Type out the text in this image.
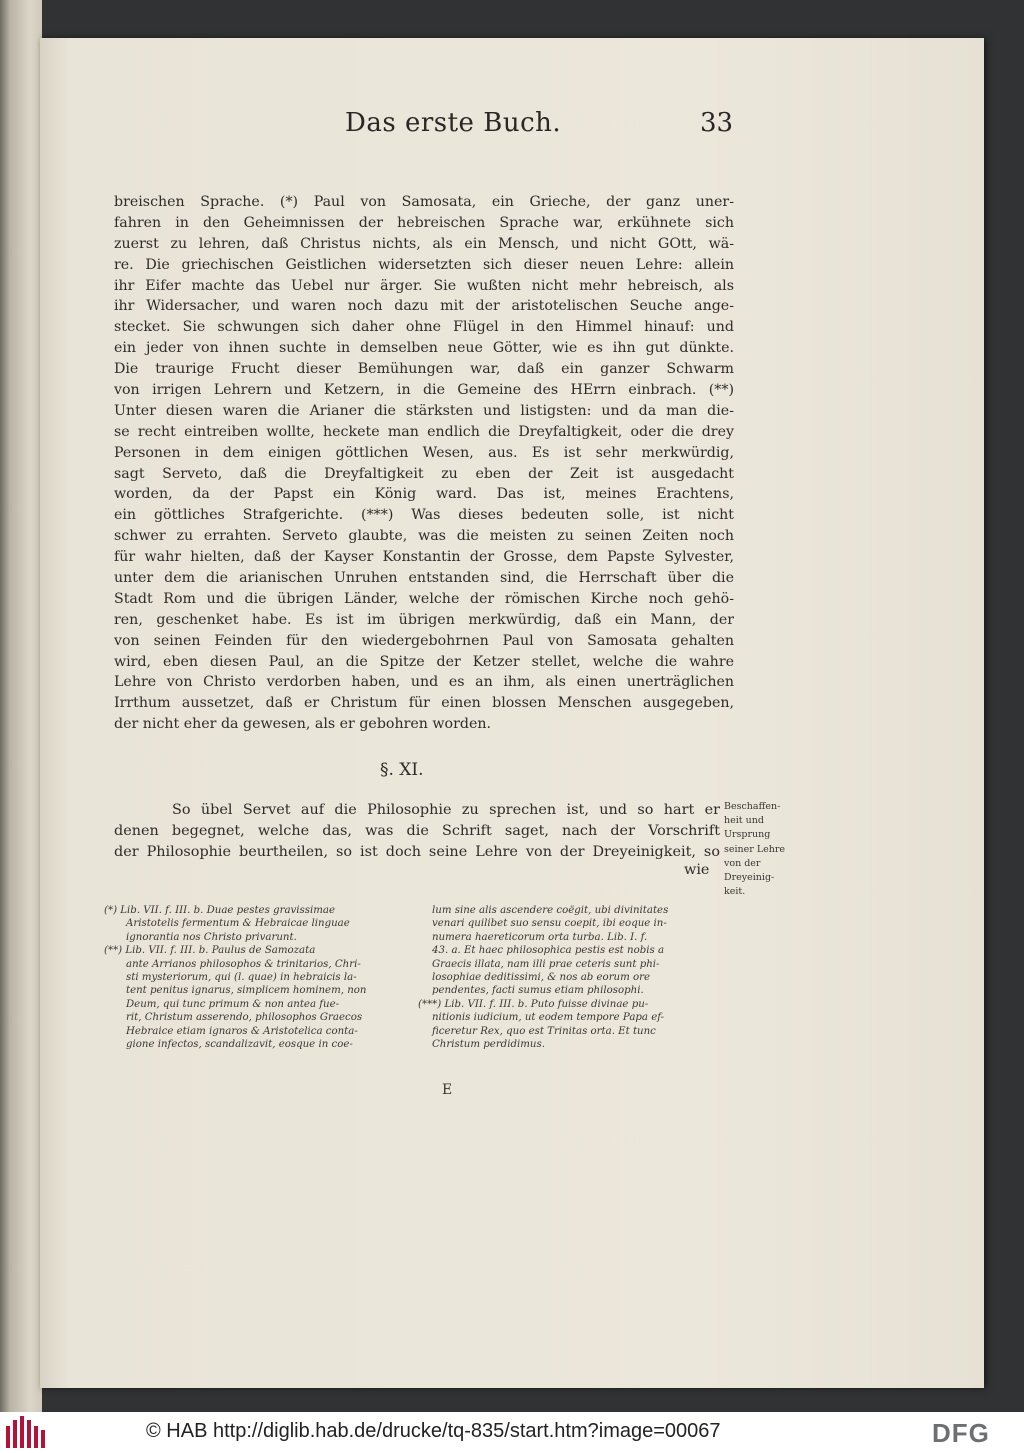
Das erste Buch.	33
breischen Sprache. (*) Paul von Samosata, ein Grieche, der ganz uner-
fahren in den Geheimnissen der hebreischen Sprache war, erkühnete sich
zuerst zu lehren, daß Christus nichts, als ein Mensch, und nicht GOtt, wä-
re. Die griechischen Geistlichen widersetzten sich dieser neuen Lehre: allein
ihr Eifer machte das Uebel nur ärger. Sie wußten nicht mehr hebreisch, als
ihr Widersacher, und waren noch dazu mit der aristotelischen Seuche ange-
stecket. Sie schwungen sich daher ohne Flügel in den Himmel hinauf: und
ein jeder von ihnen suchte in demselben neue Götter, wie es ihn gut dünkte.
Die traurige Frucht dieser Bemühungen war, daß ein ganzer Schwarm
von irrigen Lehrern und Ketzern, in die Gemeine des HErrn einbrach. (**)
Unter diesen waren die Arianer die stärksten und listigsten: und da man die-
se recht eintreiben wollte, heckete man endlich die Dreyfaltigkeit, oder die drey
Personen in dem einigen göttlichen Wesen, aus. Es ist sehr merkwürdig,
sagt Serveto, daß die Dreyfaltigkeit zu eben der Zeit ist ausgedacht
worden, da der Papst ein König ward. Das ist, meines Erachtens,
ein göttliches Strafgerichte. (***) Was dieses bedeuten solle, ist nicht
schwer zu errahten. Serveto glaubte, was die meisten zu seinen Zeiten noch
für wahr hielten, daß der Kayser Konstantin der Grosse, dem Papste Sylvester,
unter dem die arianischen Unruhen entstanden sind, die Herrschaft über die
Stadt Rom und die übrigen Länder, welche der römischen Kirche noch gehö-
ren, geschenket habe. Es ist im übrigen merkwürdig, daß ein Mann, der
von seinen Feinden für den wiedergebohrnen Paul von Samosata gehalten
wird, eben diesen Paul, an die Spitze der Ketzer stellet, welche die wahre
Lehre von Christo verdorben haben, und es an ihm, als einen unerträglichen
Irrthum aussetzet, daß er Christum für einen blossen Menschen ausgegeben,
der nicht eher da gewesen, als er gebohren worden.
§. XI.
So übel Servet auf die Philosophie zu sprechen ist, und so hart er
denen begegnet, welche das, was die Schrift saget, nach der Vorschrift
der Philosophie beurtheilen, so ist doch seine Lehre von der Dreyeinigkeit, so
wie
Beschaffen-
heit und
Ursprung
seiner Lehre
von der
Dreyeinig-
keit.
(*) Lib. VII. f. III. b. Duae pestes gravissimae
Aristotelis fermentum & Hebraicae linguae
ignorantia nos Christo privarunt.
(**) Lib. VII. f. III. b. Paulus de Samozata
ante Arrianos philosophos & trinitarios, Chri-
sti mysteriorum, qui (l. quae) in hebraicis la-
tent penitus ignarus, simplicem hominem, non
Deum, qui tunc primum & non antea fue-
rit, Christum asserendo, philosophos Graecos
Hebraice etiam ignaros & Aristotelica conta-
gione infectos, scandalizavit, eosque in coe-
lum sine alis ascendere coëgit, ubi divinitates
venari quilibet suo sensu coepit, ibi eoque in-
numera haereticorum orta turba. Lib. I. f.
43. a. Et haec philosophica pestis est nobis a
Graecis illata, nam illi prae ceteris sunt phi-
losophiae deditissimi, & nos ab eorum ore
pendentes, facti sumus etiam philosophi.
(***) Lib. VII. f. III. b. Puto fuisse divinae pu-
nitionis iudicium, ut eodem tempore Papa ef-
ficeretur Rex, quo est Trinitas orta. Et tunc
Christum perdidimus.
E
© HAB http://diglib.hab.de/drucke/tq-835/start.htm?image=00067	DFG
